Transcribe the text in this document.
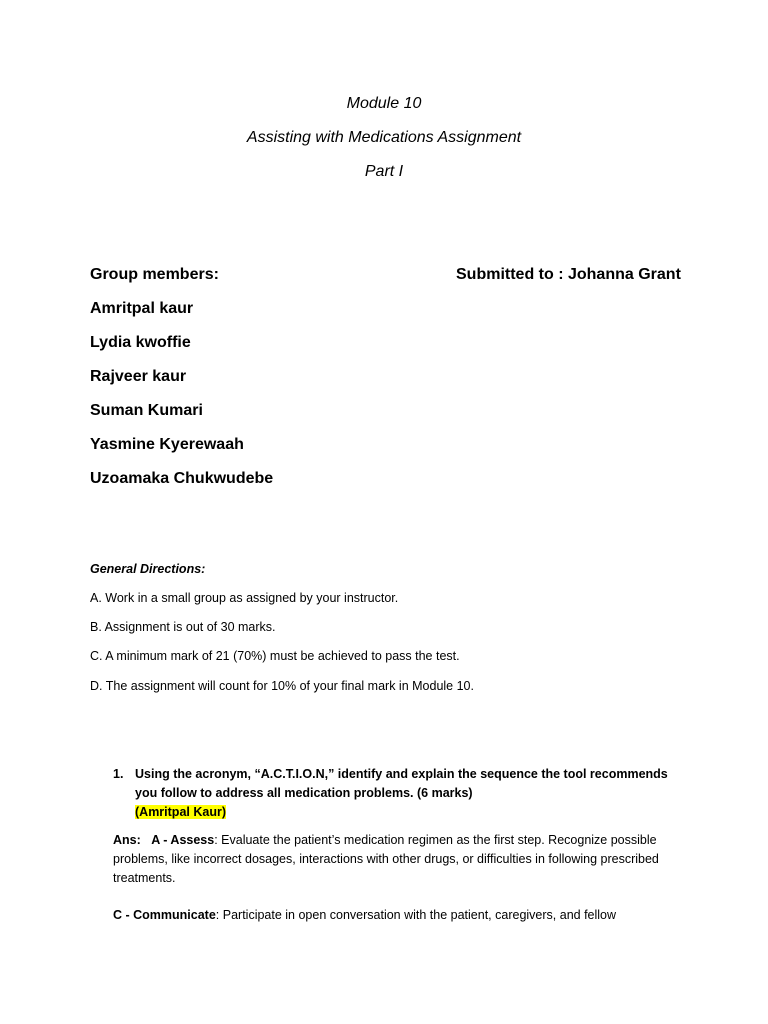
Module 10
Assisting with Medications Assignment
Part I
Group members:	Submitted to : Johanna Grant
Amritpal kaur
Lydia kwoffie
Rajveer kaur
Suman Kumari
Yasmine Kyerewaah
Uzoamaka Chukwudebe
General Directions:
A. Work in a small group as assigned by your instructor.
B. Assignment is out of 30 marks.
C. A minimum mark of 21 (70%) must be achieved to pass the test.
D. The assignment will count for 10% of your final mark in Module 10.
1. Using the acronym, “A.C.T.I.O.N,” identify and explain the sequence the tool recommends you follow to address all medication problems. (6 marks)
(Amritpal Kaur)
Ans: A - Assess: Evaluate the patient’s medication regimen as the first step. Recognize possible problems, like incorrect dosages, interactions with other drugs, or difficulties in following prescribed treatments.
C - Communicate: Participate in open conversation with the patient, caregivers, and fellow
